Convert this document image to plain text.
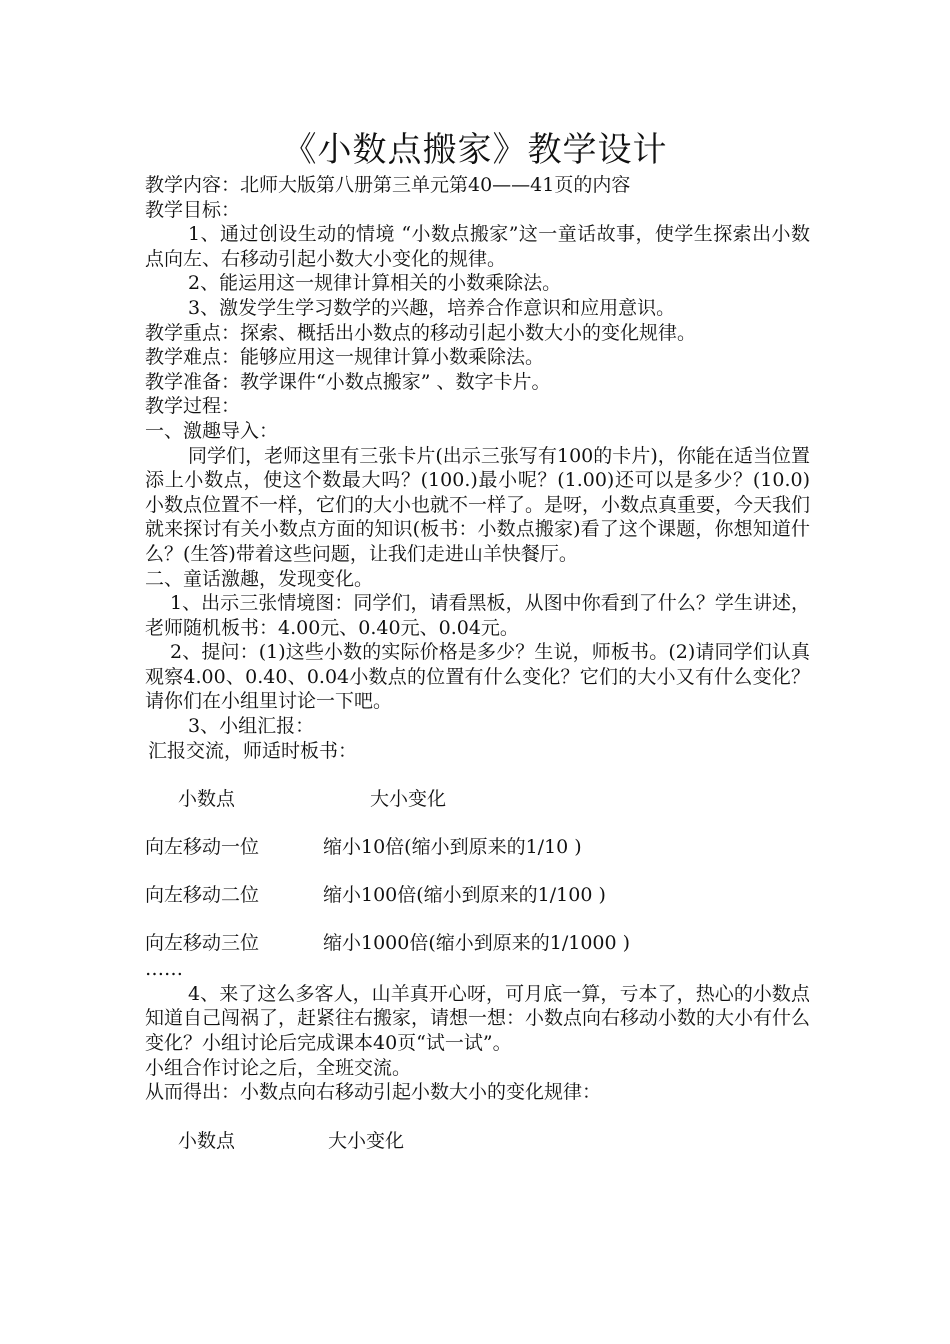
《小数点搬家》教学设计

教学内容：北师大版第八册第三单元第40——41页的内容

教学目标：

1、通过创设生动的情境 “小数点搬家”这一童话故事，使学生探索出小数点向左、右移动引起小数大小变化的规律。

2、能运用这一规律计算相关的小数乘除法。

3、激发学生学习数学的兴趣，培养合作意识和应用意识。

教学重点：探索、概括出小数点的移动引起小数大小的变化规律。

教学难点：能够应用这一规律计算小数乘除法。

教学准备：教学课件“小数点搬家” 、数字卡片。

教学过程：

一、激趣导入：

同学们，老师这里有三张卡片(出示三张写有100的卡片)，你能在适当位置添上小数点，使这个数最大吗？(100.)最小呢？(1.00)还可以是多少？(10.0)小数点位置不一样，它们的大小也就不一样了。是呀，小数点真重要，今天我们就来探讨有关小数点方面的知识(板书：小数点搬家)看了这个课题，你想知道什么？(生答)带着这些问题，让我们走进山羊快餐厅。

二、童话激趣，发现变化。

1、出示三张情境图：同学们，请看黑板，从图中你看到了什么？学生讲述，老师随机板书：4.00元、0.40元、0.04元。

2、提问：(1)这些小数的实际价格是多少？生说，师板书。(2)请同学们认真观察4.00、0.40、0.04小数点的位置有什么变化？它们的大小又有什么变化？请你们在小组里讨论一下吧。

3、小组汇报：

汇报交流，师适时板书：

小数点	大小变化
向左移动一位	缩小10倍(缩小到原来的1/10 )
向左移动二位	缩小100倍(缩小到原来的1/100 )
向左移动三位	缩小1000倍(缩小到原来的1/1000 )

……

4、来了这么多客人，山羊真开心呀，可月底一算，亏本了，热心的小数点知道自己闯祸了，赶紧往右搬家，请想一想：小数点向右移动小数的大小有什么变化？小组讨论后完成课本40页“试一试”。

小组合作讨论之后，全班交流。

从而得出：小数点向右移动引起小数大小的变化规律：

小数点	大小变化
